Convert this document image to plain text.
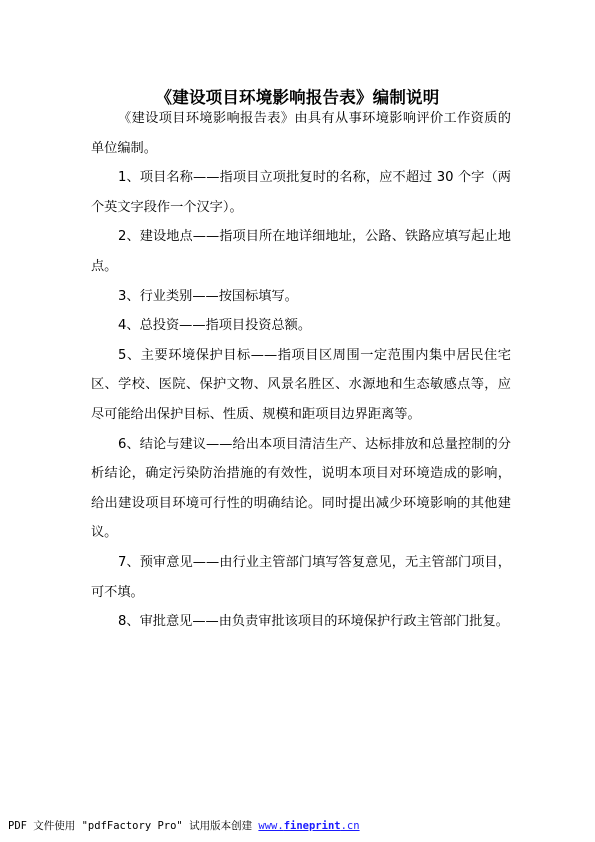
《建设项目环境影响报告表》编制说明

《建设项目环境影响报告表》由具有从事环境影响评价工作资质的单位编制。

1、项目名称——指项目立项批复时的名称，应不超过 30 个字（两个英文字段作一个汉字）。

2、建设地点——指项目所在地详细地址，公路、铁路应填写起止地点。

3、行业类别——按国标填写。

4、总投资——指项目投资总额。

5、主要环境保护目标——指项目区周围一定范围内集中居民住宅区、学校、医院、保护文物、风景名胜区、水源地和生态敏感点等，应尽可能给出保护目标、性质、规模和距项目边界距离等。

6、结论与建议——给出本项目清洁生产、达标排放和总量控制的分析结论，确定污染防治措施的有效性，说明本项目对环境造成的影响，给出建设项目环境可行性的明确结论。同时提出减少环境影响的其他建议。

7、预审意见——由行业主管部门填写答复意见，无主管部门项目，可不填。

8、审批意见——由负责审批该项目的环境保护行政主管部门批复。

PDF 文件使用 "pdfFactory Pro" 试用版本创建 www.fineprint.cn
